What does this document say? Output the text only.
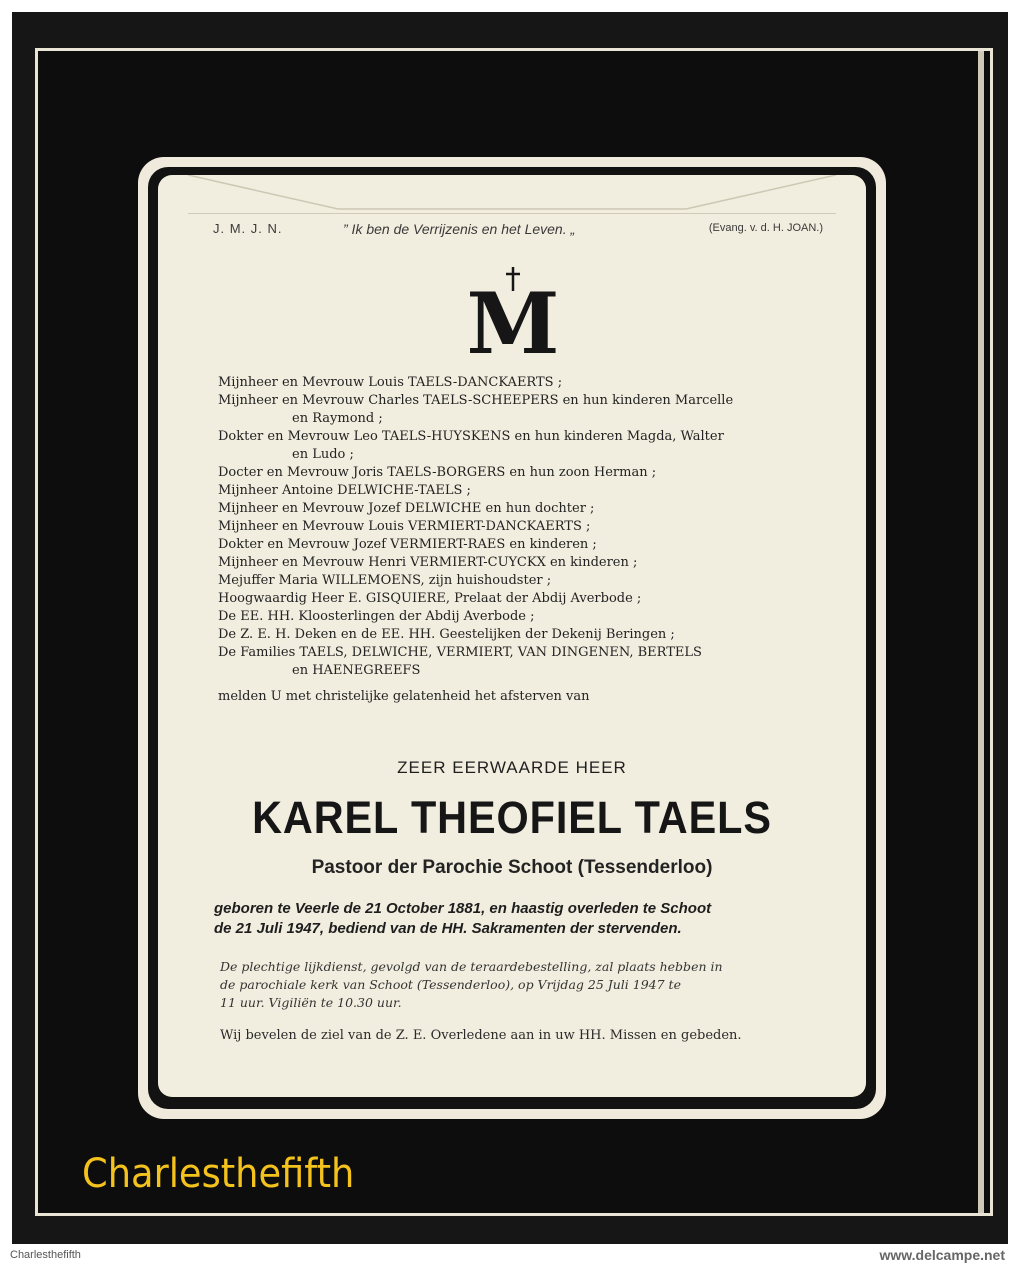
J. M. J. N.	” Ik ben de Verrijzenis en het Leven. „	(Evang. v. d. H. JOAN.)
M
Mijnheer en Mevrouw Louis TAELS-DANCKAERTS ;
Mijnheer en Mevrouw Charles TAELS-SCHEEPERS en hun kinderen Marcelle
en Raymond ;
Dokter en Mevrouw Leo TAELS-HUYSKENS en hun kinderen Magda, Walter
en Ludo ;
Docter en Mevrouw Joris TAELS-BORGERS en hun zoon Herman ;
Mijnheer Antoine DELWICHE-TAELS ;
Mijnheer en Mevrouw Jozef DELWICHE en hun dochter ;
Mijnheer en Mevrouw Louis VERMIERT-DANCKAERTS ;
Dokter en Mevrouw Jozef VERMIERT-RAES en kinderen ;
Mijnheer en Mevrouw Henri VERMIERT-CUYCKX en kinderen ;
Mejuffer Maria WILLEMOENS, zijn huishoudster ;
Hoogwaardig Heer E. GISQUIERE, Prelaat der Abdij Averbode ;
De EE. HH. Kloosterlingen der Abdij Averbode ;
De Z. E. H. Deken en de EE. HH. Geestelijken der Dekenij Beringen ;
De Families TAELS, DELWICHE, VERMIERT, VAN DINGENEN, BERTELS
en HAENEGREEFS
melden U met christelijke gelatenheid het afsterven van
ZEER EERWAARDE HEER
KAREL THEOFIEL TAELS
Pastoor der Parochie Schoot (Tessenderloo)
geboren te Veerle de 21 October 1881, en haastig overleden te Schoot
de 21 Juli 1947, bediend van de HH. Sakramenten der stervenden.
De plechtige lijkdienst, gevolgd van de teraardebestelling, zal plaats hebben in
de parochiale kerk van Schoot (Tessenderloo), op Vrijdag 25 Juli 1947 te
11 uur. Vigiliën te 10.30 uur.
Wij bevelen de ziel van de Z. E. Overledene aan in uw HH. Missen en gebeden.
Charlesthefifth
Charlesthefifth	www.delcampe.net
